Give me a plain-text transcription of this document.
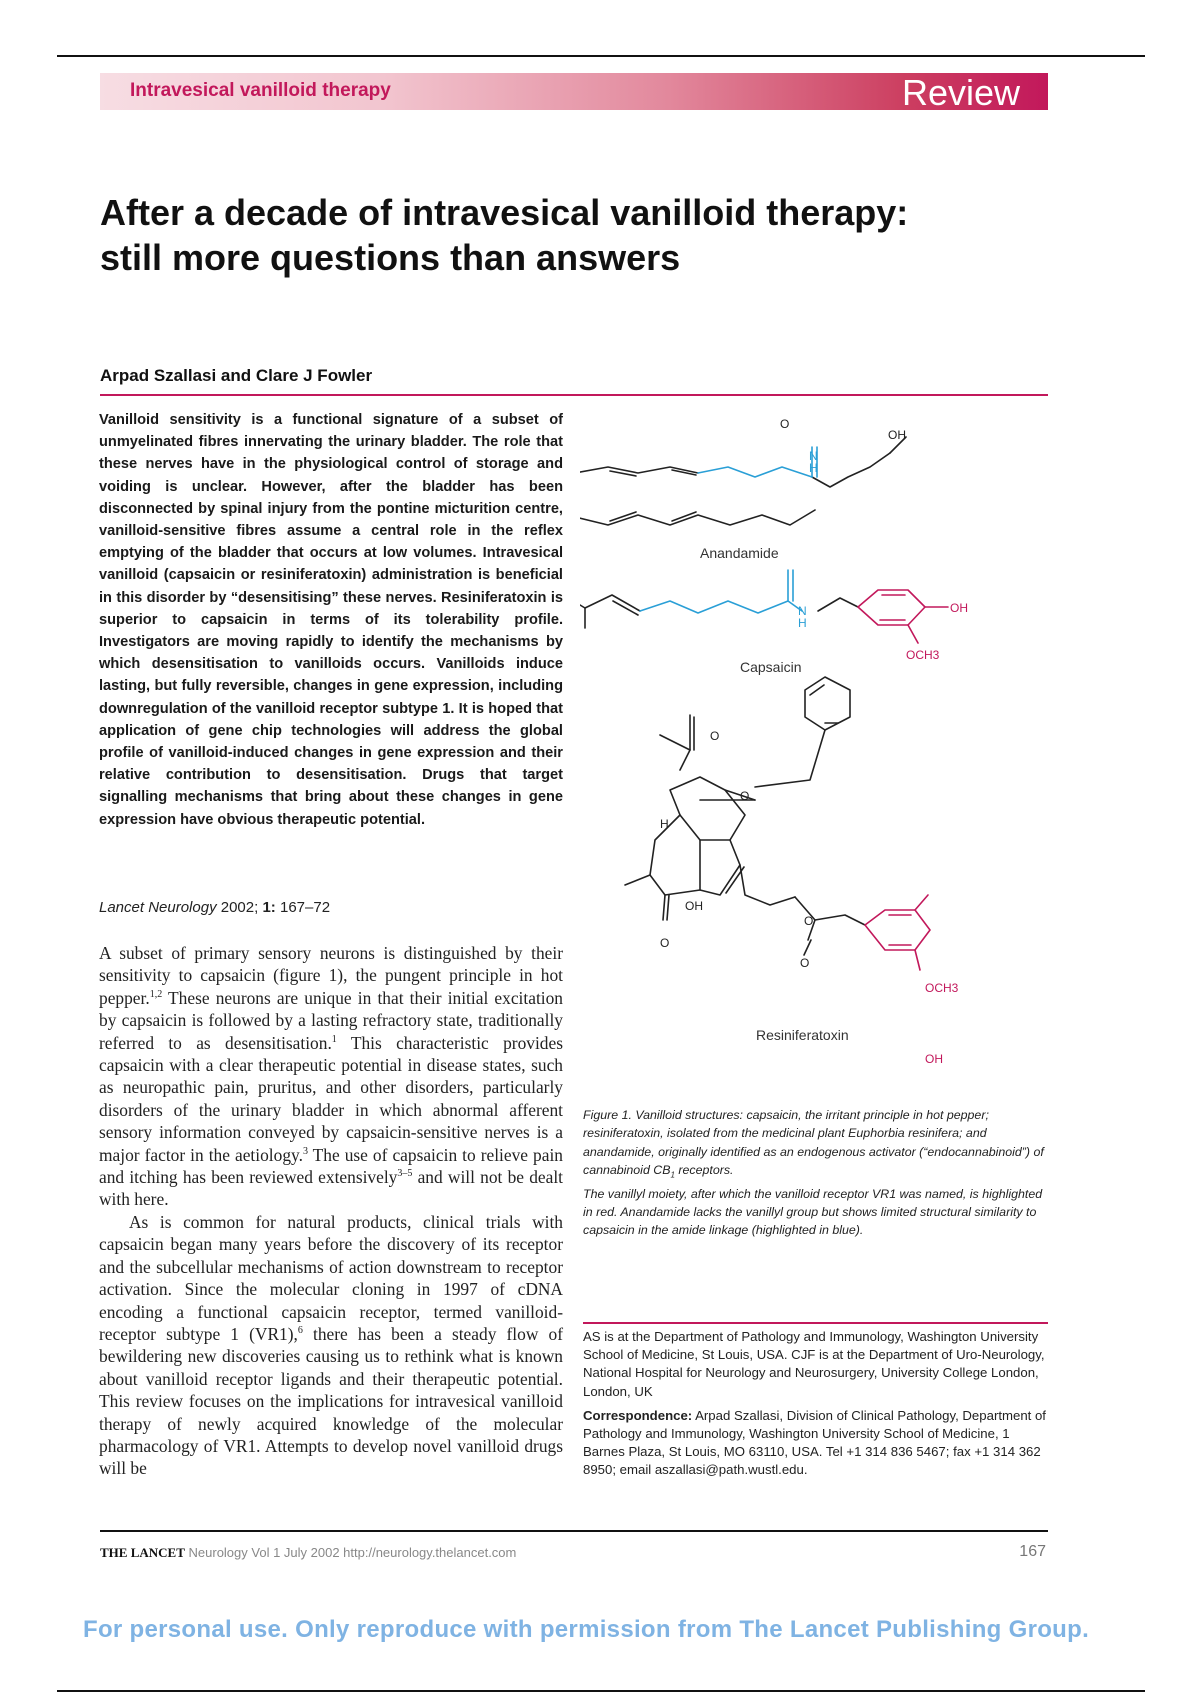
Intravesical vanilloid therapy	Review
After a decade of intravesical vanilloid therapy:
still more questions than answers
Arpad Szallasi and Clare J Fowler
Vanilloid sensitivity is a functional signature of a subset of unmyelinated fibres innervating the urinary bladder. The role that these nerves have in the physiological control of storage and voiding is unclear. However, after the bladder has been disconnected by spinal injury from the pontine micturition centre, vanilloid-sensitive fibres assume a central role in the reflex emptying of the bladder that occurs at low volumes. Intravesical vanilloid (capsaicin or resiniferatoxin) administration is beneficial in this disorder by “desensitising” these nerves. Resiniferatoxin is superior to capsaicin in terms of its tolerability profile. Investigators are moving rapidly to identify the mechanisms by which desensitisation to vanilloids occurs. Vanilloids induce lasting, but fully reversible, changes in gene expression, including downregulation of the vanilloid receptor subtype 1. It is hoped that application of gene chip technologies will address the global profile of vanilloid-induced changes in gene expression and their relative contribution to desensitisation. Drugs that target signalling mechanisms that bring about these changes in gene expression have obvious therapeutic potential.
Lancet Neurology 2002; 1: 167–72

A subset of primary sensory neurons is distinguished by their sensitivity to capsaicin (figure 1), the pungent principle in hot pepper.$^{1,2}$ These neurons are unique in that their initial excitation by capsaicin is followed by a lasting refractory state, traditionally referred to as desensitisation.$^1$ This characteristic provides capsaicin with a clear therapeutic potential in disease states, such as neuropathic pain, pruritus, and other disorders, particularly disorders of the urinary bladder in which abnormal afferent sensory information conveyed by capsaicin-sensitive nerves is a major factor in the aetiology.$^3$ The use of capsaicin to relieve pain and itching has been reviewed extensively$^{3-5}$ and will not be dealt with here.

As is common for natural products, clinical trials with capsaicin began many years before the discovery of its receptor and the subcellular mechanisms of action downstream to receptor activation. Since the molecular cloning in 1997 of cDNA encoding a functional capsaicin receptor, termed vanilloid-receptor subtype 1 (VR1),$^6$ there has been a steady flow of bewildering new discoveries causing us to rethink what is known about vanilloid receptor ligands and their therapeutic potential. This review focuses on the implications for intravesical vanilloid therapy of newly acquired knowledge of the molecular pharmacology of VR1. Attempts to develop novel vanilloid drugs will be

O
OH
N
H
Anandamide
N
H
OH
OCH3
Capsaicin
O
O
H
O
OH
O
O
Resiniferatoxin
OCH3
OH

Figure 1. Vanilloid structures: capsaicin, the irritant principle in hot pepper; resiniferatoxin, isolated from the medicinal plant Euphorbia resinifera; and anandamide, originally identified as an endogenous activator (“endocannabinoid”) of cannabinoid $CB_1$ receptors.

The vanillyl moiety, after which the vanilloid receptor VR1 was named, is highlighted in red. Anandamide lacks the vanillyl group but shows limited structural similarity to capsaicin in the amide linkage (highlighted in blue).

AS is at the Department of Pathology and Immunology, Washington University School of Medicine, St Louis, USA. CJF is at the Department of Uro-Neurology, National Hospital for Neurology and Neurosurgery, University College London, London, UK

Correspondence: Arpad Szallasi, Division of Clinical Pathology, Department of Pathology and Immunology, Washington University School of Medicine, 1 Barnes Plaza, St Louis, MO 63110, USA. Tel +1 314 836 5467; fax +1 314 362 8950; email aszallasi@path.wustl.edu.

THE LANCET Neurology Vol 1 July 2002 http://neurology.thelancet.com	167
For personal use. Only reproduce with permission from The Lancet Publishing Group.
